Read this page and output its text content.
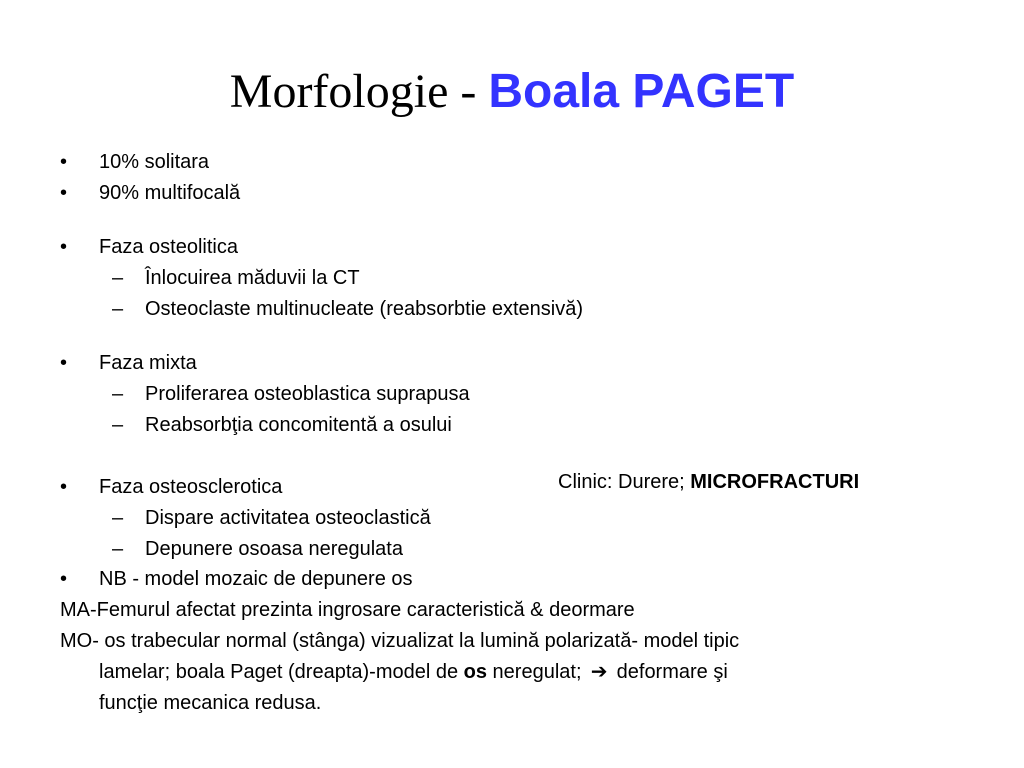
Morfologie - Boala PAGET
• 10% solitara
• 90% multifocală
• Faza osteolitica
– Înlocuirea măduvii la CT
– Osteoclaste multinucleate (reabsorbtie extensivă)
• Faza mixta
– Proliferarea osteoblastica suprapusa
– Reabsorbţia concomitentă a osului
Clinic: Durere; MICROFRACTURI
• Faza osteosclerotica
– Dispare activitatea osteoclastică
– Depunere osoasa neregulata
• NB - model mozaic de depunere os
MA-Femurul afectat prezinta ingrosare caracteristică & deormare
MO- os trabecular normal (stânga) vizualizat la lumină polarizată- model tipic
lamelar; boala Paget (dreapta)-model de os neregulat; ➔ deformare şi
funcţie mecanica redusa.
